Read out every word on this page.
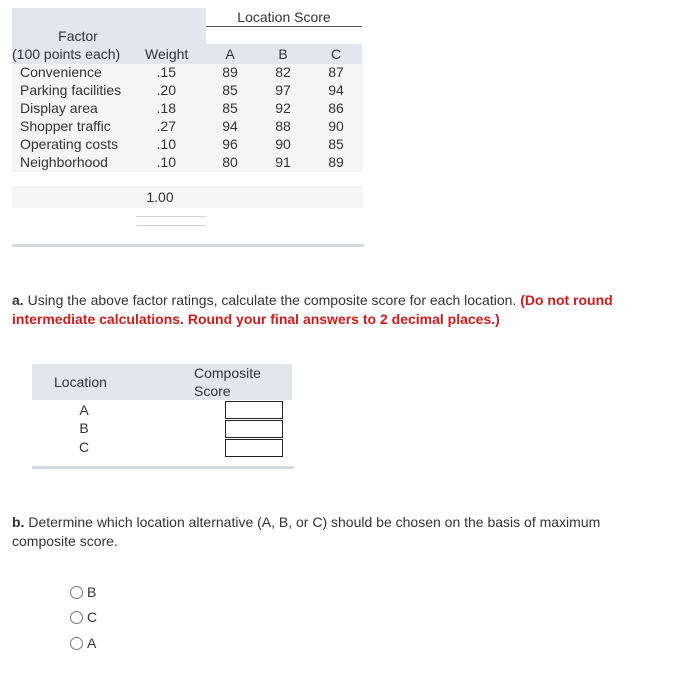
Location Score
Factor
(100 points each) Weight	A	B	C
Convenience	.15	89	82	87
Parking facilities	.20	85	97	94
Display area	.18	85	92	86
Shopper traffic	.27	94	88	90
Operating costs	.10	96	90	85
Neighborhood	.10	80	91	89
1.00
a. Using the above factor ratings, calculate the composite score for each location. (Do not round intermediate calculations. Round your final answers to 2 decimal places.)
Location
Composite
Score
A
B
C
b. Determine which location alternative (A, B, or C) should be chosen on the basis of maximum composite score.
B
C
A
